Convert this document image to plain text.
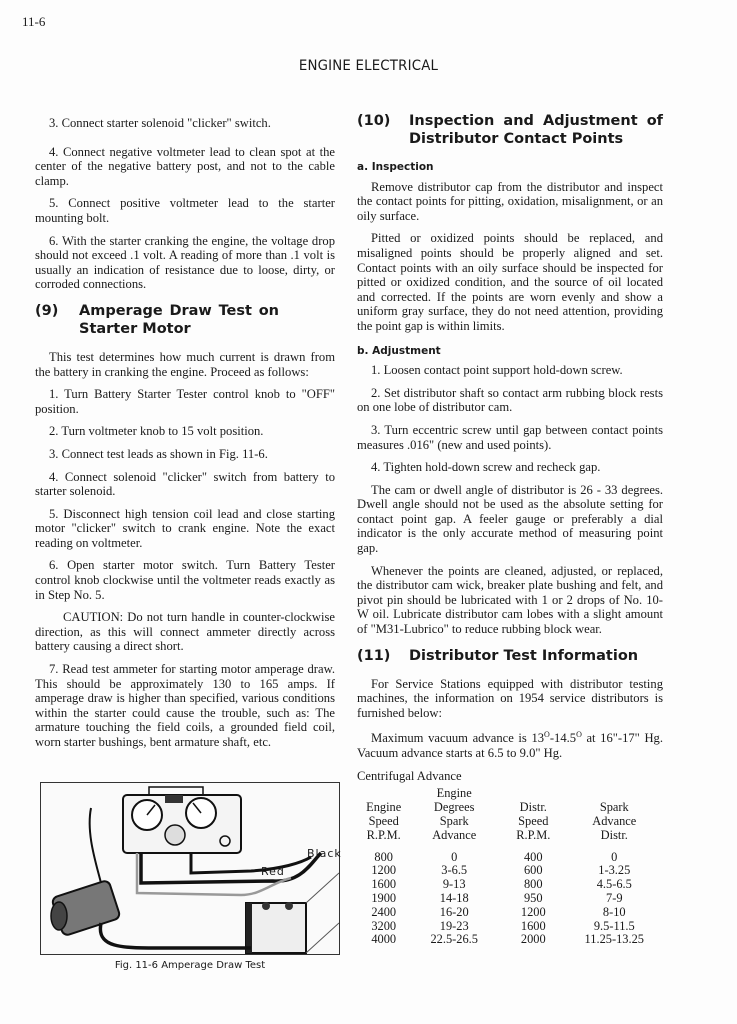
11-6
ENGINE ELECTRICAL

3. Connect starter solenoid "clicker" switch.

4. Connect negative voltmeter lead to clean spot at the center of the negative battery post, and not to the cable clamp.

5. Connect positive voltmeter lead to the starter mounting bolt.

6. With the starter cranking the engine, the voltage drop should not exceed .1 volt. A reading of more than .1 volt is usually an indication of resistance due to loose, dirty, or corroded connections.

(9)	Amperage Draw Test on Starter Motor

This test determines how much current is drawn from the battery in cranking the engine. Proceed as follows:

1. Turn Battery Starter Tester control knob to "OFF" position.

2. Turn voltmeter knob to 15 volt position.

3. Connect test leads as shown in Fig. 11-6.

4. Connect solenoid "clicker" switch from battery to starter solenoid.

5. Disconnect high tension coil lead and close starting motor "clicker" switch to crank engine. Note the exact reading on voltmeter.

6. Open starter motor switch. Turn Battery Tester control knob clockwise until the voltmeter reads exactly as in Step No. 5.

CAUTION: Do not turn handle in counter-clockwise direction, as this will connect ammeter directly across battery causing a direct short.

7. Read test ammeter for starting motor amperage draw. This should be approximately 130 to 165 amps. If amperage draw is higher than specified, various conditions within the starter could cause the trouble, such as: The armature touching the field coils, a grounded field coil, worn starter bushings, bent armature shaft, etc.

Black
Red
Fig. 11-6 Amperage Draw Test
(10)	Inspection and Adjustment of Distributor Contact Points
a. Inspection

Remove distributor cap from the distributor and inspect the contact points for pitting, oxidation, misalignment, or an oily surface.

Pitted or oxidized points should be replaced, and misaligned points should be properly aligned and set. Contact points with an oily surface should be inspected for pitted or oxidized condition, and the source of oil located and corrected. If the points are worn evenly and show a uniform gray surface, they do not need attention, providing the point gap is within limits.

b. Adjustment

1. Loosen contact point support hold-down screw.

2. Set distributor shaft so contact arm rubbing block rests on one lobe of distributor cam.

3. Turn eccentric screw until gap between contact points measures .016" (new and used points).

4. Tighten hold-down screw and recheck gap.

The cam or dwell angle of distributor is 26 - 33 degrees. Dwell angle should not be used as the absolute setting for contact point gap. A feeler gauge or preferably a dial indicator is the only accurate method of measuring point gap.

Whenever the points are cleaned, adjusted, or replaced, the distributor cam wick, breaker plate bushing and felt, and pivot pin should be lubricated with 1 or 2 drops of No. 10-W oil. Lubricate distributor cam lobes with a slight amount of "M31-Lubrico" to reduce rubbing block wear.

(11)	Distributor Test Information

For Service Stations equipped with distributor testing machines, the information on 1954 service distributors is furnished below:

Maximum vacuum advance is $13^O-14.5^O$ at 16"-17" Hg. Vacuum advance starts at 6.5 to 9.0" Hg.

Centrifugal Advance

Engine
Speed
R.P.M.

Engine
Degrees
Spark
Advance

Distr.
Speed
R.P.M.

Spark
Advance
Distr.

800	0	400	0
1200	3-6.5	600	1-3.25
1600	9-13	800	4.5-6.5
1900	14-18	950	7-9
2400	16-20	1200	8-10
3200	19-23	1600	9.5-11.5
4000	22.5-26.5	2000	11.25-13.25
